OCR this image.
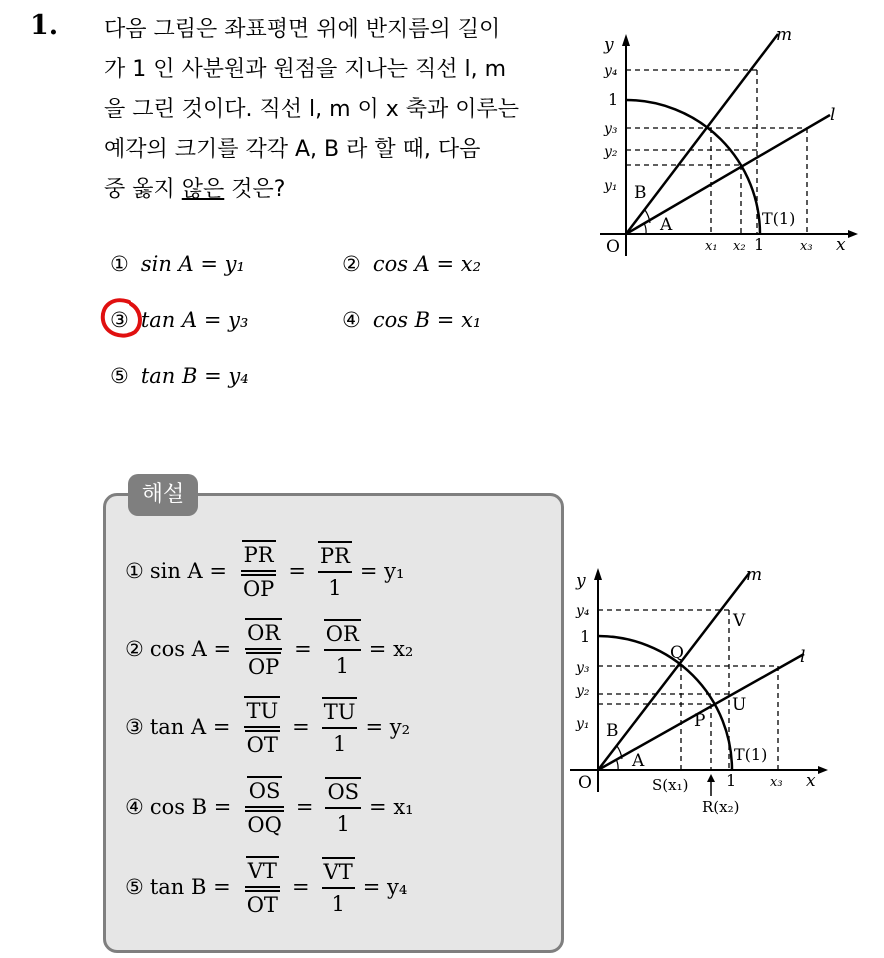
1. 다음 그림은 좌표평면 위에 반지름의 길이
가 1 인 사분원과 원점을 지나는 직선 l, m
을 그린 것이다. 직선 l, m 이 x 축과 이루는
예각의 크기를 각각 A, B 라 할 때, 다음
중 옳지 않은 것은?
① sin A = y₁	② cos A = x₂
③ tan A = y₃	④ cos B = x₁
⑤ tan B = y₄
y
x
O
m
l
y₄
1
y₃
y₂
y₁ B
A	T(1)
x₁ x₂ 1	x₃
해설
① $\sin A = \frac{PR}{OP} = \frac{PR}{1} = y_1$
② $\cos A = \frac{OR}{OP} = \frac{OR}{1} = x_2$
③ $\tan A = \frac{TU}{OT} = \frac{TU}{1} = y_2$
④ $\cos B = \frac{OS}{OQ} = \frac{OS}{1} = x_1$
⑤ $\tan B = \frac{VT}{OT} = \frac{VT}{1} = y_4$
y
x
O
m
l
y₄
1
y₃
y₂
y₁
V
Q
U
P
B
A	T(1)
S(x₁)
R(x₂)
1	x₃
